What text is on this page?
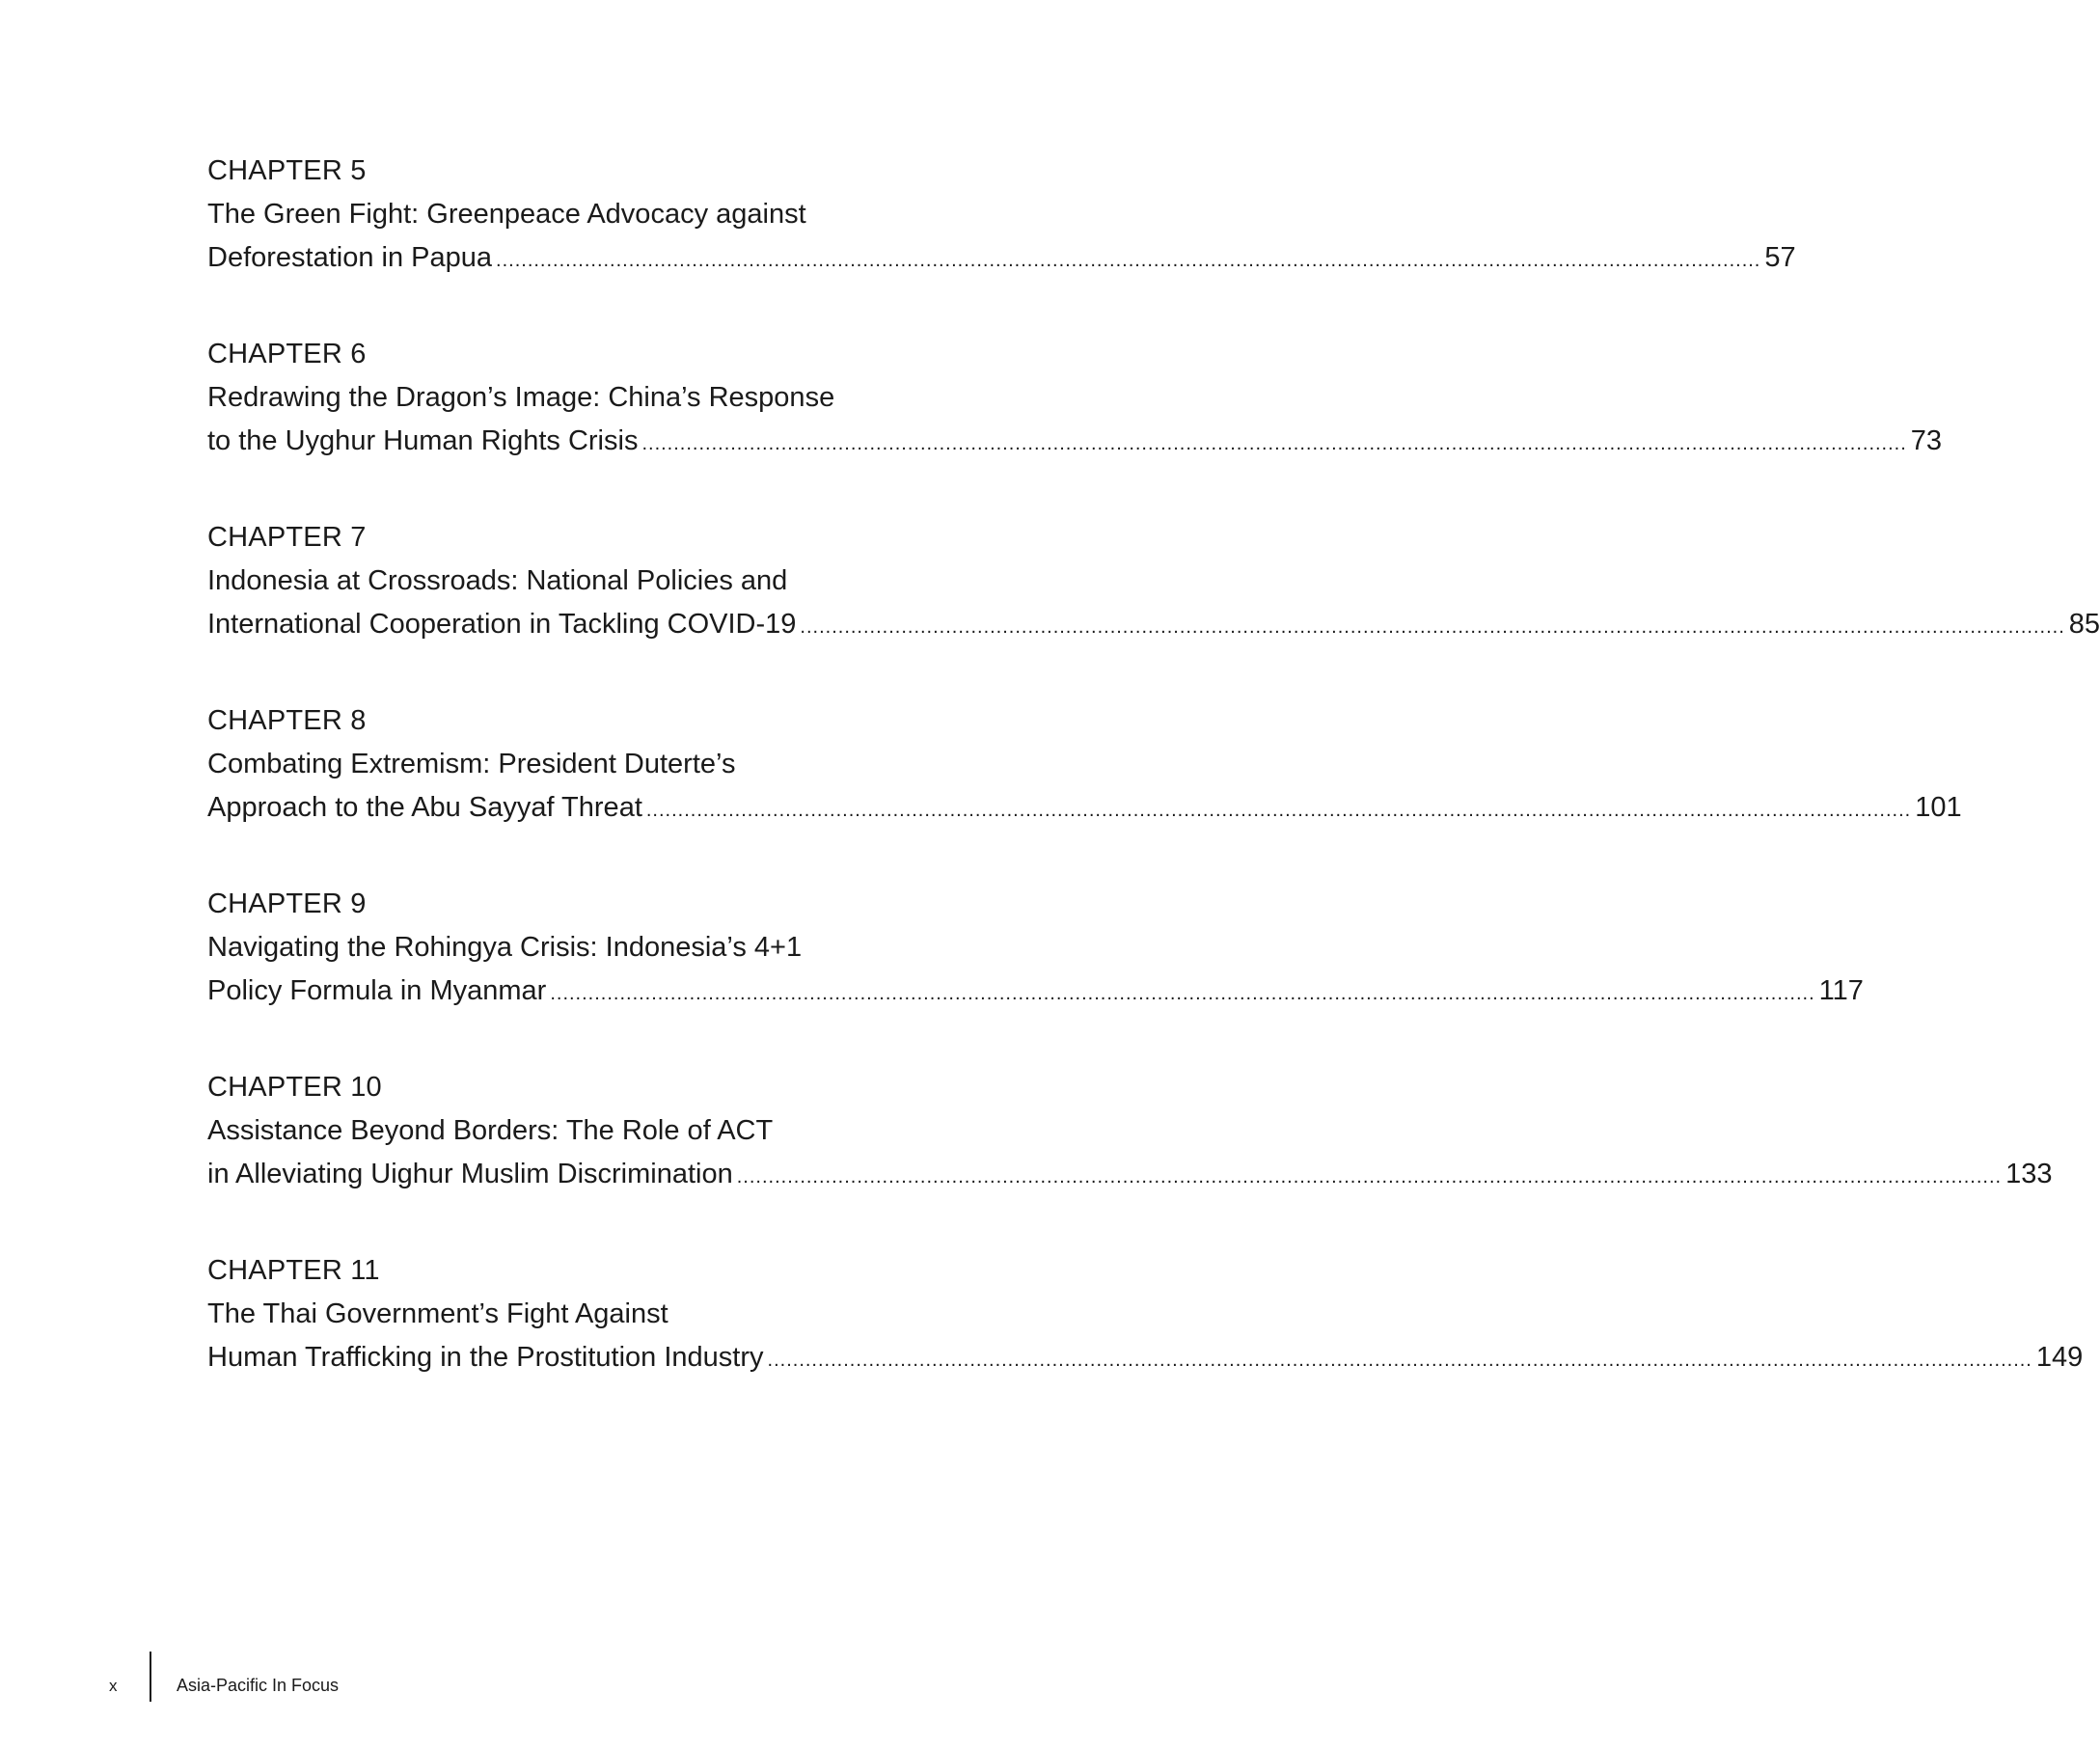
CHAPTER 5
The Green Fight: Greenpeace Advocacy against
Deforestation in Papua ........................................................................................................................................................................................................ 57
CHAPTER 6
Redrawing the Dragon’s Image: China’s Response
to the Uyghur Human Rights Crisis ........................................................................................................................................................................................................ 73
CHAPTER 7
Indonesia at Crossroads: National Policies and
International Cooperation in Tackling COVID-19 ........................................................................................................................................................................................................ 85
CHAPTER 8
Combating Extremism: President Duterte’s
Approach to the Abu Sayyaf Threat ........................................................................................................................................................................................................ 101
CHAPTER 9
Navigating the Rohingya Crisis: Indonesia’s 4+1
Policy Formula in Myanmar ........................................................................................................................................................................................................ 117
CHAPTER 10
Assistance Beyond Borders: The Role of ACT
in Alleviating Uighur Muslim Discrimination ........................................................................................................................................................................................................ 133
CHAPTER 11
The Thai Government’s Fight Against
Human Trafficking in the Prostitution Industry ........................................................................................................................................................................................................ 149
x	Asia-Pacific In Focus
